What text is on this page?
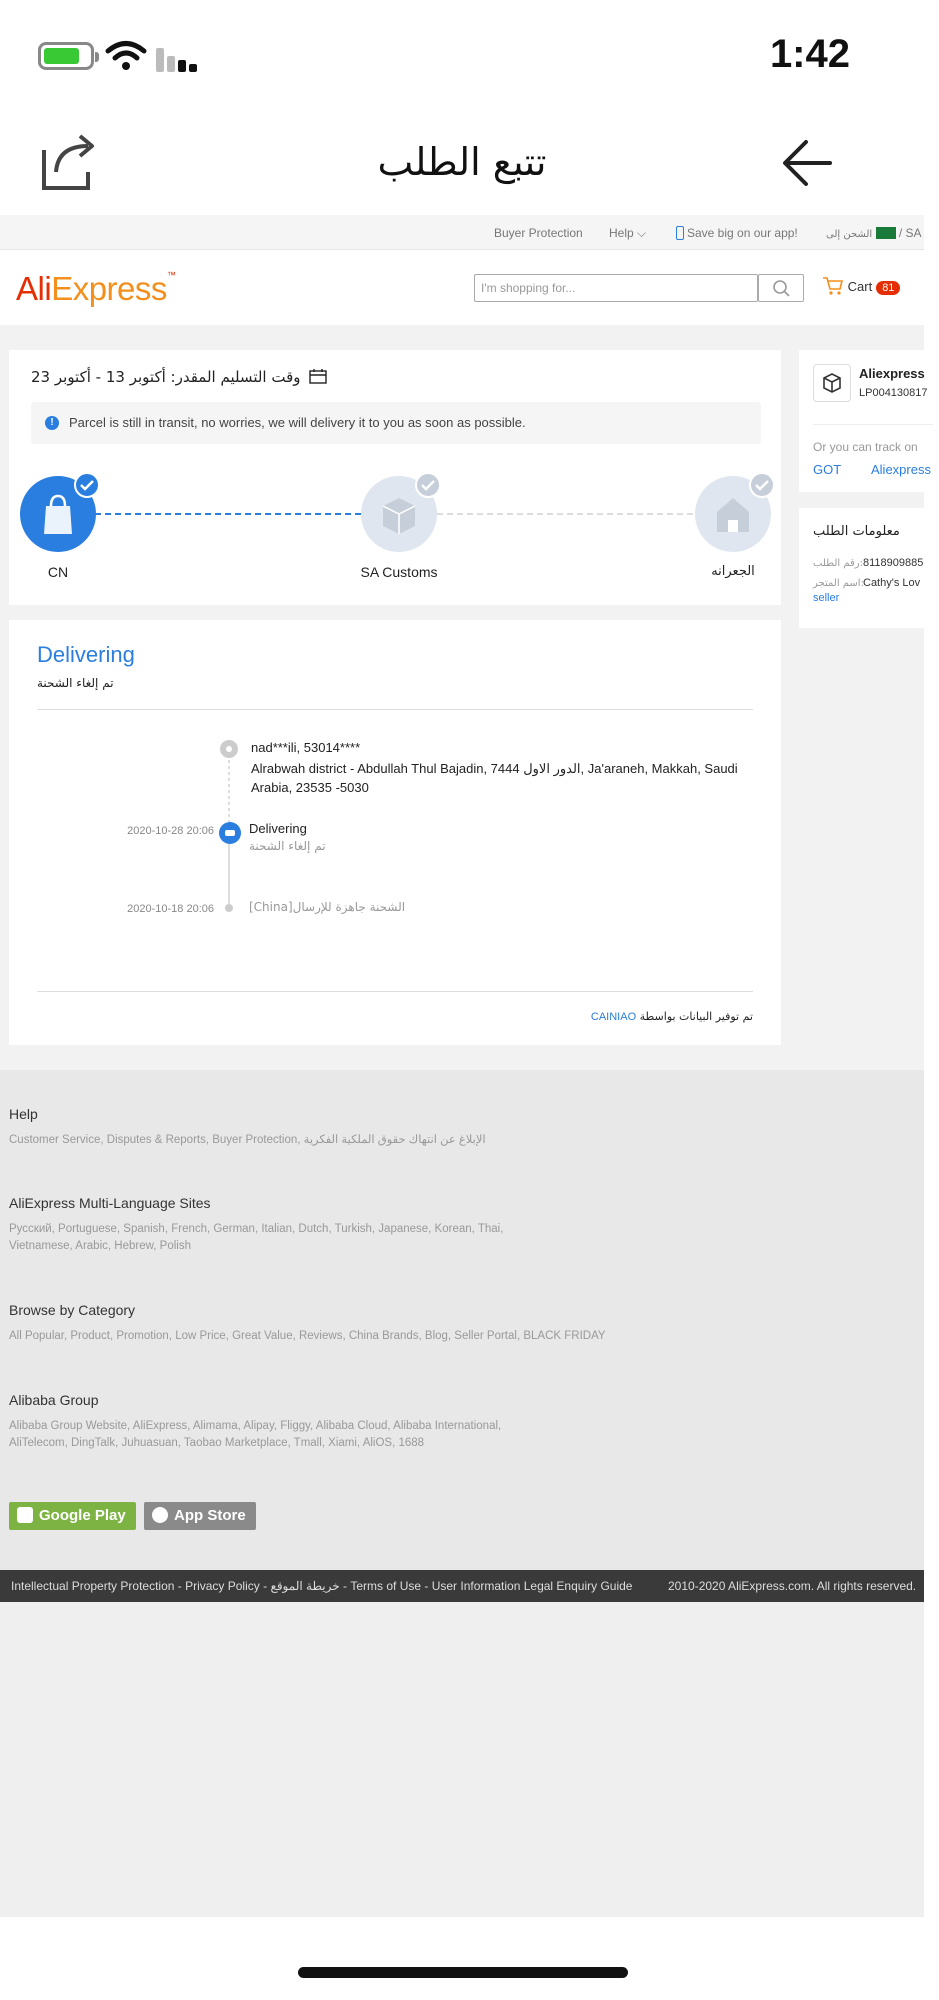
1:42
تتبع الطلب
Buyer Protection Help ⌵	Save big on our app!	الشحن إلى  / SA
AliExpress™
I'm shopping for...	Cart 81
وقت التسليم المقدر: أكتوبر 13 - أكتوبر 23
!	Parcel is still in transit, no worries, we will delivery it to you as soon as possible.
CN	SA Customs	الجعرانه
Delivering
تم إلغاء الشحنة
nad***ili, 53014****
Alrabwah district - Abdullah Thul Bajadin, 7444 الدور الاول, Ja'araneh, Makkah, Saudi Arabia, 23535 -5030
2020-10-28 20:06	Delivering
تم إلغاء الشحنة
2020-10-18 20:06	[China]الشحنة جاهزة للإرسال
CAINIAO تم توفير البيانات بواسطة
Aliexpress
LP004130817
Or you can track on
GOT Aliexpress
معلومات الطلب
رقم الطلب: 8118909885
اسم المتجر: Cathy's Lov
seller
Help
Customer Service, Disputes & Reports, Buyer Protection, الإبلاغ عن انتهاك حقوق الملكية الفكرية
AliExpress Multi-Language Sites
Русский, Portuguese, Spanish, French, German, Italian, Dutch, Turkish, Japanese, Korean, Thai, Vietnamese, Arabic, Hebrew, Polish
Browse by Category
All Popular, Product, Promotion, Low Price, Great Value, Reviews, China Brands, Blog, Seller Portal, BLACK FRIDAY
Alibaba Group
Alibaba Group Website, AliExpress, Alimama, Alipay, Fliggy, Alibaba Cloud, Alibaba International, AliTelecom, DingTalk, Juhuasuan, Taobao Marketplace, Tmall, Xiami, AliOS, 1688
Google Play	App Store
Intellectual Property Protection - Privacy Policy - خريطة الموقع - Terms of Use - User Information Legal Enquiry Guide	2010-2020 AliExpress.com. All rights reserved.
